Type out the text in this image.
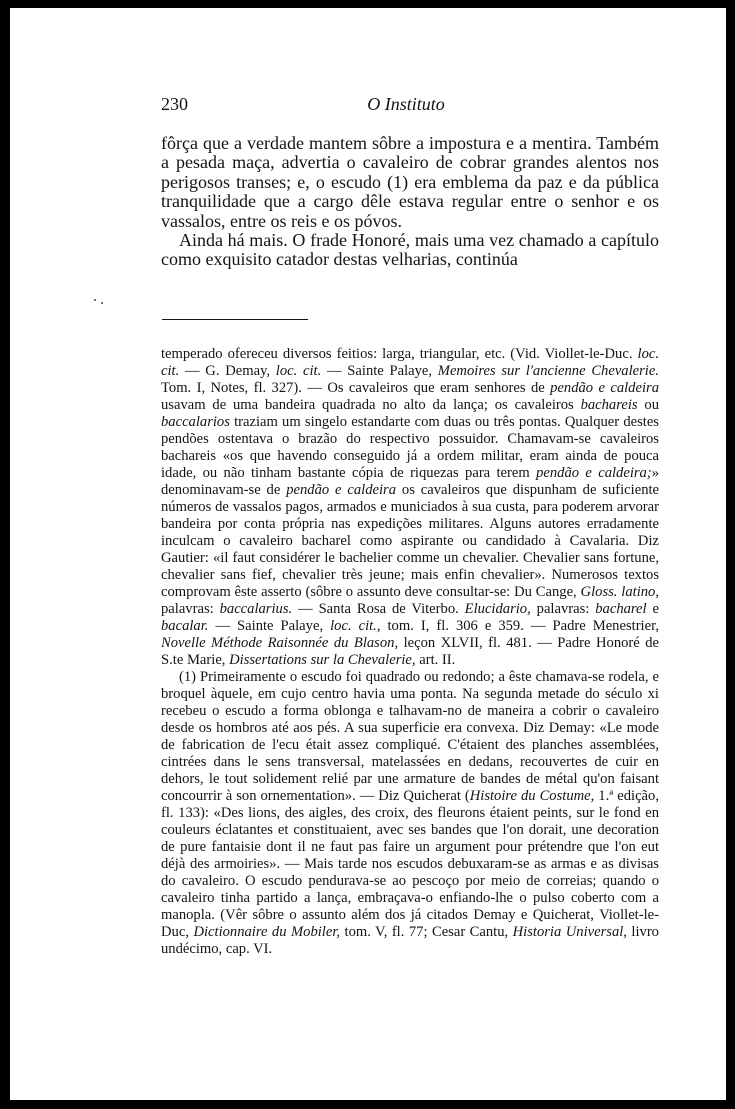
230	O Instituto

fôrça que a verdade mantem sôbre a impostura e a mentira. Também a pesada maça, advertia o cavaleiro de cobrar grandes alentos nos perigosos transes; e, o escudo (1) era emblema da paz e da pública tranquilidade que a cargo dêle estava regular entre o senhor e os vassalos, entre os reis e os póvos.

Ainda há mais. O frade Honoré, mais uma vez chamado a capítulo como exquisito catador destas velharias, continúa

temperado ofereceu diversos feitios: larga, triangular, etc. (Vid. Viollet-le-Duc. loc. cit. — G. Demay, loc. cit. — Sainte Palaye, Memoires sur l'ancienne Chevalerie. Tom. I, Notes, fl. 327). — Os cavaleiros que eram senhores de pendão e caldeira usavam de uma bandeira quadrada no alto da lança; os cavaleiros bachareis ou baccalarios traziam um singelo estandarte com duas ou três pontas. Qualquer destes pendões ostentava o brazão do respectivo possuidor. Chamavam-se cavaleiros bachareis «os que havendo conseguido já a ordem militar, eram ainda de pouca idade, ou não tinham bastante cópia de riquezas para terem pendão e caldeira;» denominavam-se de pendão e caldeira os cavaleiros que dispunham de suficiente números de vassalos pagos, armados e municiados à sua custa, para poderem arvorar bandeira por conta própria nas expedições militares. Alguns autores erradamente inculcam o cavaleiro bacharel como aspirante ou candidado à Cavalaria. Diz Gautier: «il faut considérer le bachelier comme un chevalier. Chevalier sans fortune, chevalier sans fief, chevalier très jeune; mais enfin chevalier». Numerosos textos comprovam êste asserto (sôbre o assunto deve consultar-se: Du Cange, Gloss. latino, palavras: baccalarius. — Santa Rosa de Viterbo. Elucidario, palavras: bacharel e bacalar. — Sainte Palaye, loc. cit., tom. I, fl. 306 e 359. — Padre Menestrier, Novelle Méthode Raisonnée du Blason, leçon XLVII, fl. 481. — Padre Honoré de S.te Marie, Dissertations sur la Chevalerie, art. II.

(1) Primeiramente o escudo foi quadrado ou redondo; a êste chamava-se rodela, e broquel àquele, em cujo centro havia uma ponta. Na segunda metade do século xi recebeu o escudo a forma oblonga e talhavam-no de maneira a cobrir o cavaleiro desde os hombros até aos pés. A sua superficie era convexa. Diz Demay: «Le mode de fabrication de l'ecu était assez compliqué. C'étaient des planches assemblées, cintrées dans le sens transversal, matelassées en dedans, recouvertes de cuir en dehors, le tout solidement relié par une armature de bandes de métal qu'on faisant concourrir à son ornementation». — Diz Quicherat (Histoire du Costume, 1.ª edição, fl. 133): «Des lions, des aigles, des croix, des fleurons étaient peints, sur le fond en couleurs éclatantes et constituaient, avec ses bandes que l'on dorait, une decoration de pure fantaisie dont il ne faut pas faire un argument pour prétendre que l'on eut déjà des armoiries». — Mais tarde nos escudos debuxaram-se as armas e as divisas do cavaleiro. O escudo pendurava-se ao pescoço por meio de correias; quando o cavaleiro tinha partido a lança, embraçava-o enfiando-lhe o pulso coberto com a manopla. (Vêr sôbre o assunto além dos já citados Demay e Quicherat, Viollet-le-Duc, Dictionnaire du Mobiler, tom. V, fl. 77; Cesar Cantu, Historia Universal, livro undécimo, cap. VI.
